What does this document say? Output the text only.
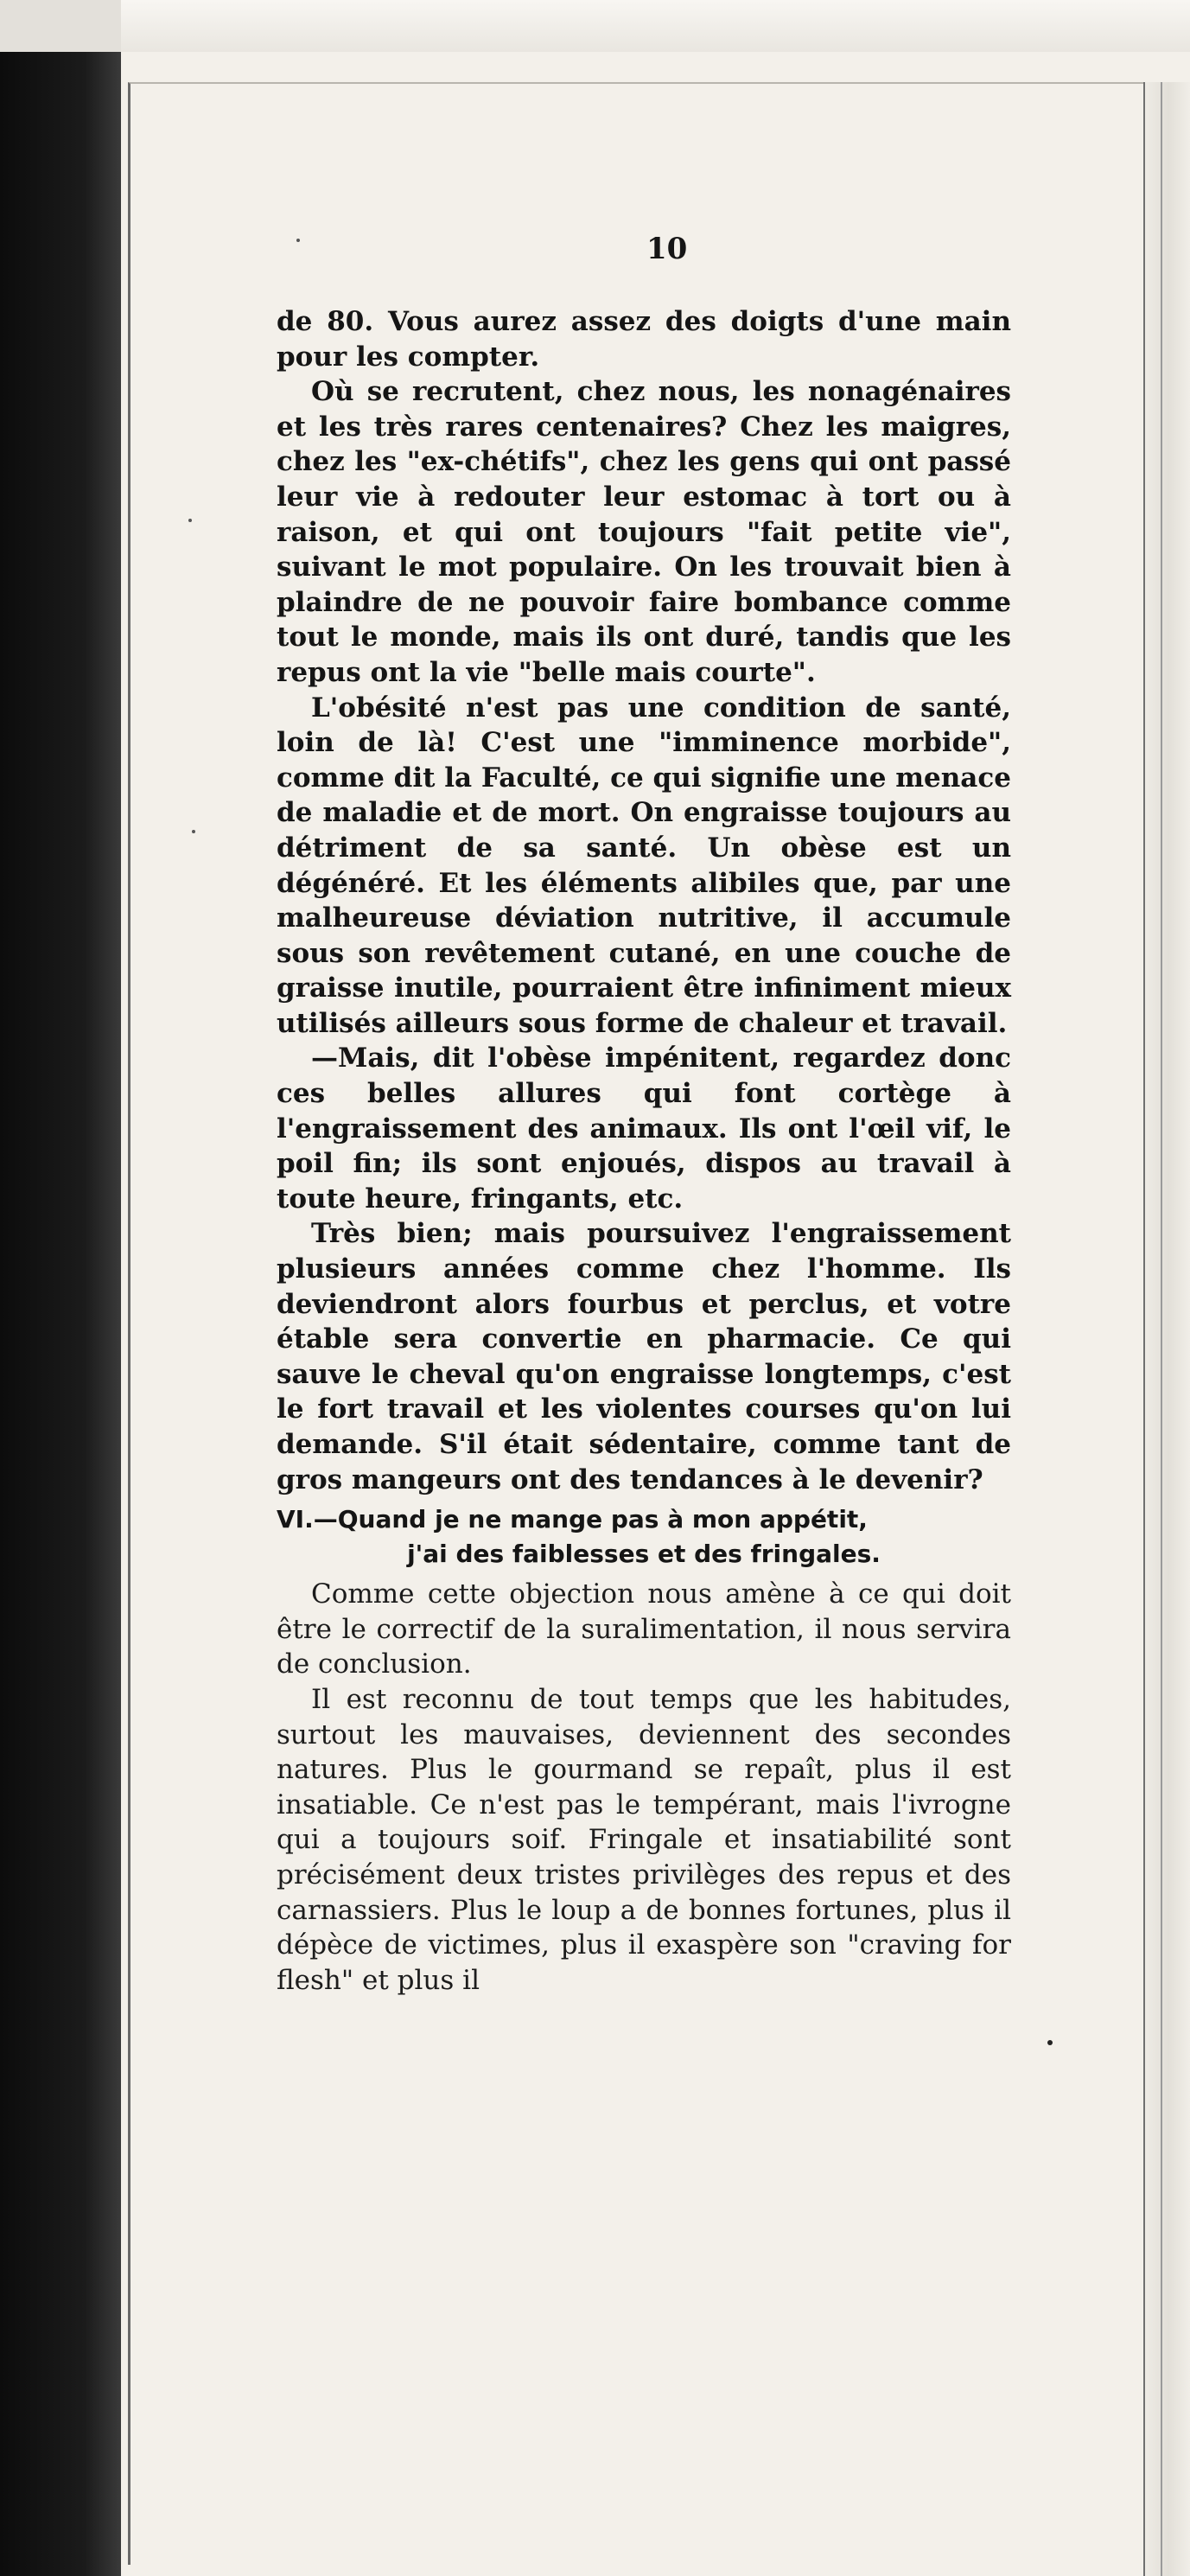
10

de 80. Vous aurez assez des doigts d'une main pour les compter.

Où se recrutent, chez nous, les nonagénaires et les très rares centenaires? Chez les maigres, chez les "ex-chétifs", chez les gens qui ont passé leur vie à redouter leur estomac à tort ou à raison, et qui ont toujours "fait petite vie", suivant le mot populaire. On les trouvait bien à plaindre de ne pouvoir faire bombance comme tout le monde, mais ils ont duré, tandis que les repus ont la vie "belle mais courte".

L'obésité n'est pas une condition de santé, loin de là! C'est une "imminence morbide", comme dit la Faculté, ce qui signifie une menace de maladie et de mort. On engraisse toujours au détriment de sa santé. Un obèse est un dégénéré. Et les éléments alibiles que, par une malheureuse déviation nutritive, il accumule sous son revêtement cutané, en une couche de graisse inutile, pourraient être infiniment mieux utilisés ailleurs sous forme de chaleur et travail.

—Mais, dit l'obèse impénitent, regardez donc ces belles allures qui font cortège à l'engraissement des animaux. Ils ont l'œil vif, le poil fin; ils sont enjoués, dispos au travail à toute heure, fringants, etc.

Très bien; mais poursuivez l'engraissement plusieurs années comme chez l'homme. Ils deviendront alors fourbus et perclus, et votre étable sera convertie en pharmacie. Ce qui sauve le cheval qu'on engraisse longtemps, c'est le fort travail et les violentes courses qu'on lui demande. S'il était sédentaire, comme tant de gros mangeurs ont des tendances à le devenir?

VI.—Quand je ne mange pas à mon appétit,
j'ai des faiblesses et des fringales.

Comme cette objection nous amène à ce qui doit être le correctif de la suralimentation, il nous servira de conclusion.

Il est reconnu de tout temps que les habitudes, surtout les mauvaises, deviennent des secondes natures. Plus le gourmand se repaît, plus il est insatiable. Ce n'est pas le tempérant, mais l'ivrogne qui a toujours soif. Fringale et insatiabilité sont précisément deux tristes privilèges des repus et des carnassiers. Plus le loup a de bonnes fortunes, plus il dépèce de victimes, plus il exaspère son "craving for flesh" et plus il
